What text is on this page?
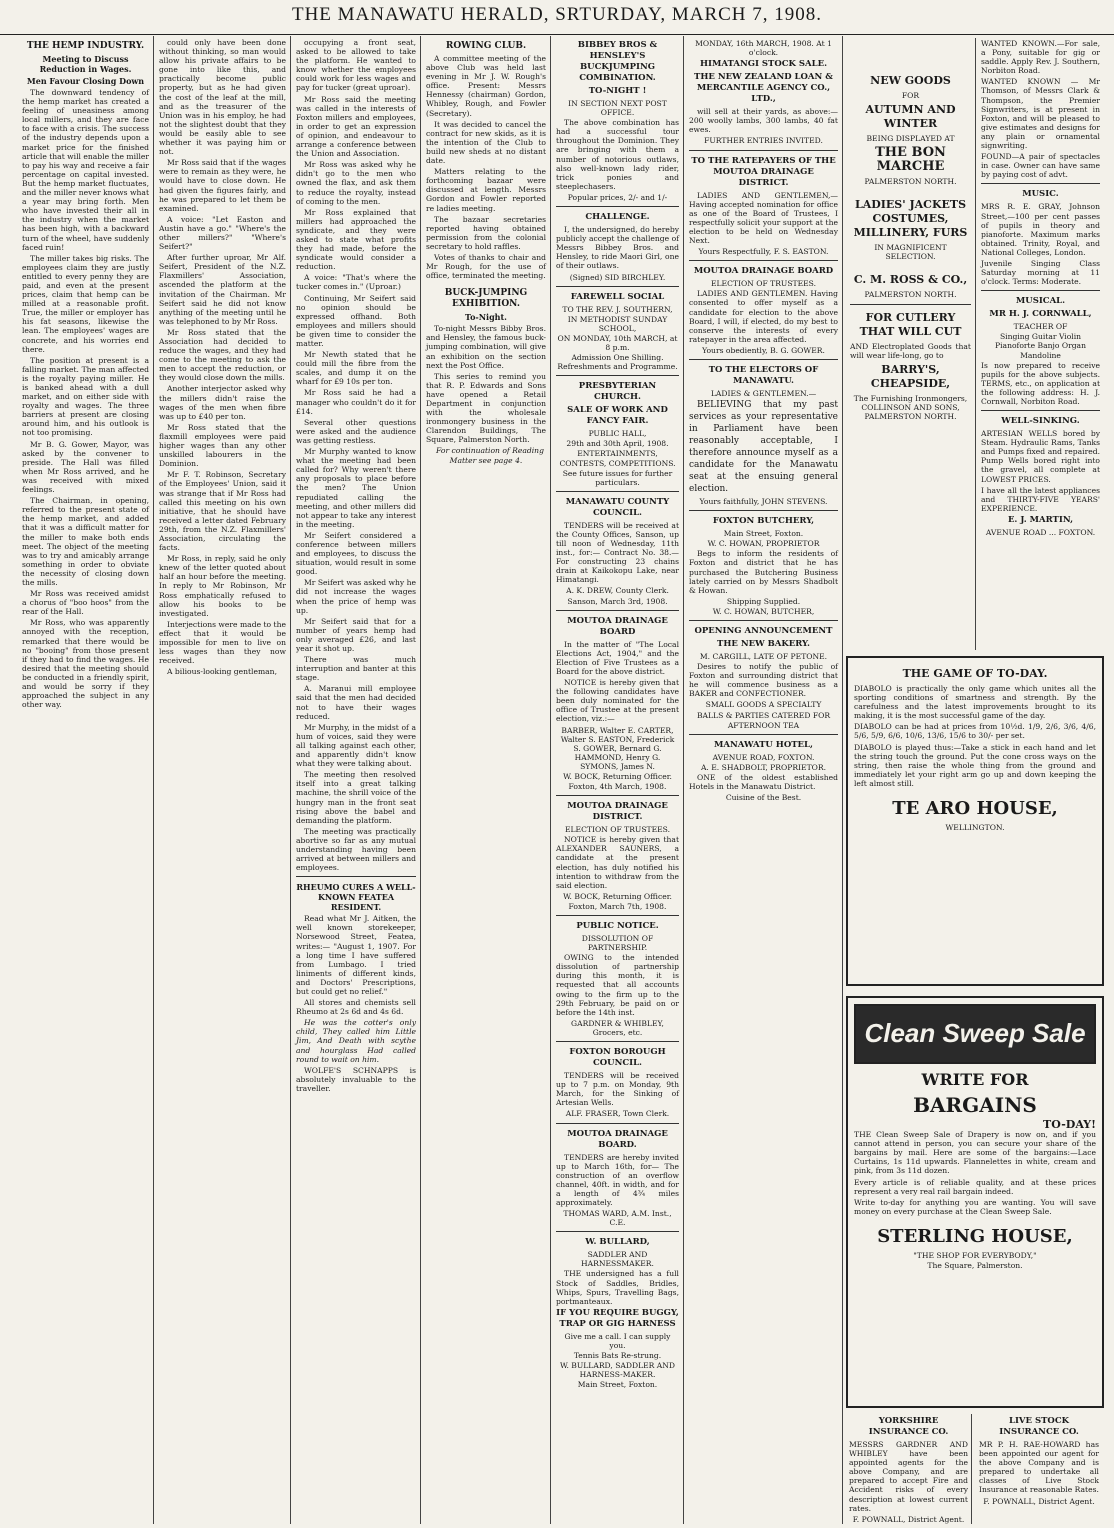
THE MANAWATU HERALD, SRTURDAY, MARCH 7, 1908.
THE HEMP INDUSTRY.
Meeting to Discuss Reduction in Wages.
Men Favour Closing Down

The downward tendency of the hemp market has created a feeling of uneasiness among local millers, and they are face to face with a crisis. The success of the industry depends upon a market price for the finished article that will enable the miller to pay his way and receive a fair percentage on capital invested. But the hemp market fluctuates, and the miller never knows what a year may bring forth. Men who have invested their all in the industry when the market has been high, with a backward turn of the wheel, have suddenly faced ruin!

The miller takes big risks. The employees claim they are justly entitled to every penny they are paid, and even at the present prices, claim that hemp can be milled at a reasonable profit. True, the miller or employer has his fat seasons, likewise the lean. The employees' wages are concrete, and his worries end there.

The position at present is a falling market. The man affected is the royalty paying miller. He is banked ahead with a dull market, and on either side with royalty and wages. The three barriers at present are closing around him, and his outlook is not too promising.

Mr B. G. Gower, Mayor, was asked by the convener to preside. The Hall was filled when Mr Ross arrived, and he was received with mixed feelings.

The Chairman, in opening, referred to the present state of the hemp market, and added that it was a difficult matter for the miller to make both ends meet. The object of the meeting was to try and amicably arrange something in order to obviate the necessity of closing down the mills.

Mr Ross was received amidst a chorus of "boo hoos" from the rear of the Hall.

Mr Ross, who was apparently annoyed with the reception, remarked that there would be no "booing" from those present if they had to find the wages. He desired that the meeting should be conducted in a friendly spirit, and would be sorry if they approached the subject in any other way.

could only have been done without thinking, so man would allow his private affairs to be gone into like this, and practically become public property, but as he had given the cost of the leaf at the mill, and as the treasurer of the Union was in his employ, he had not the slightest doubt that they would be easily able to see whether it was paying him or not.

Mr Ross said that if the wages were to remain as they were, he would have to close down. He had given the figures fairly, and he was prepared to let them be examined.

A voice: "Let Easton and Austin have a go." "Where's the other millers?" "Where's Seifert?"

After further uproar, Mr Alf. Seifert, President of the N.Z. Flaxmillers' Association, ascended the platform at the invitation of the Chairman. Mr Seifert said he did not know anything of the meeting until he was telephoned to by Mr Ross.

Mr Ross stated that the Association had decided to reduce the wages, and they had come to the meeting to ask the men to accept the reduction, or they would close down the mills.

Another interjector asked why the millers didn't raise the wages of the men when fibre was up to £40 per ton.

Mr Ross stated that the flaxmill employees were paid higher wages than any other unskilled labourers in the Dominion.

Mr F. T. Robinson, Secretary of the Employees' Union, said it was strange that if Mr Ross had called this meeting on his own initiative, that he should have received a letter dated February 29th, from the N.Z. Flaxmillers' Association, circulating the facts.

Mr Ross, in reply, said he only knew of the letter quoted about half an hour before the meeting. In reply to Mr Robinson, Mr Ross emphatically refused to allow his books to be investigated.

Interjections were made to the effect that it would be impossible for men to live on less wages than they now received.

A bilious-looking gentleman,

occupying a front seat, asked to be allowed to take the platform. He wanted to know whether the employees could work for less wages and pay for tucker (great uproar).

Mr Ross said the meeting was called in the interests of Foxton millers and employees, in order to get an expression of opinion, and endeavour to arrange a conference between the Union and Association.

Mr Ross was asked why he didn't go to the men who owned the flax, and ask them to reduce the royalty, instead of coming to the men.

Mr Ross explained that millers had approached the syndicate, and they were asked to state what profits they had made, before the syndicate would consider a reduction.

A voice: "That's where the tucker comes in." (Uproar.)

Continuing, Mr Seifert said no opinion should be expressed offhand. Both employees and millers should be given time to consider the matter.

Mr Newth stated that he could mill the fibre from the scales, and dump it on the wharf for £9 10s per ton.

Mr Ross said he had a manager who couldn't do it for £14.

Several other questions were asked and the audience was getting restless.

Mr Murphy wanted to know what the meeting had been called for? Why weren't there any proposals to place before the men? The Union repudiated calling the meeting, and other millers did not appear to take any interest in the meeting.

Mr Seifert considered a conference between millers and employees, to discuss the situation, would result in some good.

Mr Seifert was asked why he did not increase the wages when the price of hemp was up.

Mr Seifert said that for a number of years hemp had only averaged £26, and last year it shot up.

There was much interruption and banter at this stage.

A. Maranui mill employee said that the men had decided not to have their wages reduced.

Mr Murphy, in the midst of a hum of voices, said they were all talking against each other, and apparently didn't know what they were talking about.

The meeting then resolved itself into a great talking machine, the shrill voice of the hungry man in the front seat rising above the babel and demanding the platform.

The meeting was practically abortive so far as any mutual understanding having been arrived at between millers and employees.

RHEUMO CURES A WELL-KNOWN FEATEA RESIDENT.

Read what Mr J. Aitken, the well known storekeeper, Norsewood Street, Featea, writes:— "August 1, 1907. For a long time I have suffered from Lumbago. I tried liniments of different kinds, and Doctors' Prescriptions, but could get no relief."

All stores and chemists sell Rheumo at 2s 6d and 4s 6d.

He was the cotter's only child, They called him Little Jim, And Death with scythe and hourglass Had called round to wait on him.

WOLFE'S SCHNAPPS is absolutely invaluable to the traveller.

ROWING CLUB.

A committee meeting of the above Club was held last evening in Mr J. W. Rough's office. Present: Messrs Hennessy (chairman) Gordon, Whibley, Rough, and Fowler (Secretary).

It was decided to cancel the contract for new skids, as it is the intention of the Club to build new sheds at no distant date.

Matters relating to the forthcoming bazaar were discussed at length. Messrs Gordon and Fowler reported re ladies meeting.

The bazaar secretaries reported having obtained permission from the colonial secretary to hold raffles.

Votes of thanks to chair and Mr Rough, for the use of office, terminated the meeting.

BUCK-JUMPING EXHIBITION.
To-Night.

To-night Messrs Bibby Bros. and Hensley, the famous buck-jumping combination, will give an exhibition on the section next the Post Office.

This series to remind you that R. P. Edwards and Sons have opened a Retail Department in conjunction with the wholesale ironmongery business in the Clarendon Buildings, The Square, Palmerston North.

For continuation of Reading Matter see page 4.

BIBBEY BROS & HENSLEY'S BUCKJUMPING COMBINATION.
TO-NIGHT !
IN SECTION NEXT POST OFFICE.

The above combination has had a successful tour throughout the Dominion. They are bringing with them a number of notorious outlaws, also well-known lady rider, trick ponies and steeplechasers.

Popular prices, 2/- and 1/-
CHALLENGE.

I, the undersigned, do hereby publicly accept the challenge of Messrs Bibbey Bros. and Hensley, to ride Maori Girl, one of their outlaws.

(Signed) SID BIRCHLEY.
FAREWELL SOCIAL
TO THE REV. J. SOUTHERN,
IN METHODIST SUNDAY SCHOOL,
ON MONDAY, 10th MARCH, at 8 p.m.
Admission One Shilling. Refreshments and Programme.
PRESBYTERIAN CHURCH.
SALE OF WORK AND FANCY FAIR.
PUBLIC HALL,
29th and 30th April, 1908.
ENTERTAINMENTS, CONTESTS, COMPETITIONS.
See future issues for further particulars.
MANAWATU COUNTY COUNCIL.

TENDERS will be received at the County Offices, Sanson, up till noon of Wednesday, 11th inst., for:— Contract No. 38.—For constructing 23 chains drain at Kaikokopu Lake, near Himatangi.

A. K. DREW, County Clerk.
Sanson, March 3rd, 1908.
MOUTOA DRAINAGE BOARD

In the matter of "The Local Elections Act, 1904," and the Election of Five Trustees as a Board for the above district.

NOTICE is hereby given that the following candidates have been duly nominated for the office of Trustee at the present election, viz.:—

BARBER, Walter E. CARTER, Walter S. EASTON, Frederick S. GOWER, Bernard G. HAMMOND, Henry G. SYMONS, James N.
W. BOCK, Returning Officer.
Foxton, 4th March, 1908.
MOUTOA DRAINAGE DISTRICT.
ELECTION OF TRUSTEES.

NOTICE is hereby given that ALEXANDER SAUNERS, a candidate at the present election, has duly notified his intention to withdraw from the said election.

W. BOCK, Returning Officer.
Foxton, March 7th, 1908.
PUBLIC NOTICE.
DISSOLUTION OF PARTNERSHIP.

OWING to the intended dissolution of partnership during this month, it is requested that all accounts owing to the firm up to the 29th February, be paid on or before the 14th inst.

GARDNER & WHIBLEY, Grocers, etc.
FOXTON BOROUGH COUNCIL.

TENDERS will be received up to 7 p.m. on Monday, 9th March, for the Sinking of Artesian Wells.

ALF. FRASER, Town Clerk.
MOUTOA DRAINAGE BOARD.

TENDERS are hereby invited up to March 16th, for— The construction of an overflow channel, 40ft. in width, and for a length of 4¾ miles approximately.

THOMAS WARD, A.M. Inst., C.E.
W. BULLARD,
SADDLER AND HARNESSMAKER.

THE undersigned has a full Stock of Saddles, Bridles, Whips, Spurs, Travelling Bags, portmanteaux.

IF YOU REQUIRE BUGGY, TRAP OR GIG HARNESS
Give me a call. I can supply you.
Tennis Bats Re-strung.
W. BULLARD, SADDLER AND HARNESS-MAKER.
Main Street, Foxton.
MONDAY, 16th MARCH, 1908. At 1 o'clock.
HIMATANGI STOCK SALE.
THE NEW ZEALAND LOAN & MERCANTILE AGENCY CO., LTD.,

will sell at their yards, as above:— 200 woolly lambs, 300 lambs, 40 fat ewes.

FURTHER ENTRIES INVITED.
TO THE RATEPAYERS OF THE MOUTOA DRAINAGE DISTRICT.

LADIES AND GENTLEMEN,— Having accepted nomination for office as one of the Board of Trustees, I respectfully solicit your support at the election to be held on Wednesday Next.

Yours Respectfully, F. S. EASTON.
MOUTOA DRAINAGE BOARD
ELECTION OF TRUSTEES.

LADIES AND GENTLEMEN. Having consented to offer myself as a candidate for election to the above Board, I will, if elected, do my best to conserve the interests of every ratepayer in the area affected.

Yours obediently, B. G. GOWER.
TO THE ELECTORS OF MANAWATU.
LADIES & GENTLEMEN.—

BELIEVING that my past services as your representative in Parliament have been reasonably acceptable, I therefore announce myself as a candidate for the Manawatu seat at the ensuing general election.

Yours faithfully, JOHN STEVENS.
FOXTON BUTCHERY,
Main Street, Foxton.
W. C. HOWAN, PROPRIETOR

Begs to inform the residents of Foxton and district that he has purchased the Butchering Business lately carried on by Messrs Shadbolt & Howan.

Shipping Supplied.
W. C. HOWAN, BUTCHER,
OPENING ANNOUNCEMENT
THE NEW BAKERY.
M. CARGILL, LATE OF PETONE.

Desires to notify the public of Foxton and surrounding district that he will commence business as a BAKER and CONFECTIONER.

SMALL GOODS A SPECIALTY
BALLS & PARTIES CATERED FOR
AFTERNOON TEA
MANAWATU HOTEL,
AVENUE ROAD, FOXTON.
A. E. SHADBOLT, PROPRIETOR.

ONE of the oldest established Hotels in the Manawatu District.

Cuisine of the Best.
NEW GOODS
FOR
AUTUMN AND WINTER
BEING DISPLAYED AT
THE BON MARCHE
PALMERSTON NORTH.
LADIES' JACKETS COSTUMES, MILLINERY, FURS
IN MAGNIFICENT SELECTION.
C. M. ROSS & CO.,
PALMERSTON NORTH.
FOR CUTLERY THAT WILL CUT

AND Electroplated Goods that will wear life-long, go to

BARRY'S, CHEAPSIDE,
The Furnishing Ironmongers, COLLINSON AND SONS, PALMERSTON NORTH.

WANTED KNOWN.—For sale, a Pony, suitable for gig or saddle. Apply Rev. J. Southern, Norbiton Road.

WANTED KNOWN — Mr Thomson, of Messrs Clark & Thompson, the Premier Signwriters, is at present in Foxton, and will be pleased to give estimates and designs for any plain or ornamental signwriting.

FOUND—A pair of spectacles in case. Owner can have same by paying cost of advt.

MUSIC.

MRS R. E. GRAY, Johnson Street,—100 per cent passes of pupils in theory and pianoforte. Maximum marks obtained. Trinity, Royal, and National Colleges, London.

Juvenile Singing Class Saturday morning at 11 o'clock. Terms: Moderate.

MUSICAL.
MR H. J. CORNWALL,
TEACHER OF
Singing Guitar Violin Pianoforte Banjo Organ Mandoline

Is now prepared to receive pupils for the above subjects. TERMS, etc., on application at the following address: H. J. Cornwall, Norbiton Road.

WELL-SINKING.

ARTESIAN WELLS bored by Steam. Hydraulic Rams, Tanks and Pumps fixed and repaired. Pump Wells bored right into the gravel, all complete at LOWEST PRICES.

I have all the latest appliances and THIRTY-FIVE YEARS' EXPERIENCE.

E. J. MARTIN,
AVENUE ROAD ... FOXTON.
THE GAME OF TO-DAY.

DIABOLO is practically the only game which unites all the sporting conditions of smartness and strength. By the carefulness and the latest improvements brought to its making, it is the most successful game of the day.

DIABOLO can be had at prices from 10½d. 1/9, 2/6, 3/6, 4/6, 5/6, 5/9, 6/6, 10/6, 13/6, 15/6 to 30/- per set.

DIABOLO is played thus:—Take a stick in each hand and let the string touch the ground. Put the cone cross ways on the string, then raise the whole thing from the ground and immediately let your right arm go up and down keeping the left almost still.

TE ARO HOUSE,
WELLINGTON.
Clean Sweep Sale
WRITE FOR
BARGAINS
TO-DAY!

THE Clean Sweep Sale of Drapery is now on, and if you cannot attend in person, you can secure your share of the bargains by mail. Here are some of the bargains:—Lace Curtains, 1s 11d upwards. Flannelettes in white, cream and pink, from 3s 11d dozen.

Every article is of reliable quality, and at these prices represent a very real rail bargain indeed.

Write to-day for anything you are wanting. You will save money on every purchase at the Clean Sweep Sale.

STERLING HOUSE,
"THE SHOP FOR EVERYBODY,"
The Square, Palmerston.
YORKSHIRE INSURANCE CO.

MESSRS GARDNER AND WHIBLEY have been appointed agents for the above Company, and are prepared to accept Fire and Accident risks of every description at lowest current rates.

F. POWNALL, District Agent.
LIVE STOCK INSURANCE CO.

MR P. H. RAE-HOWARD has been appointed our agent for the above Company and is prepared to undertake all classes of Live Stock Insurance at reasonable Rates.

F. POWNALL, District Agent.
